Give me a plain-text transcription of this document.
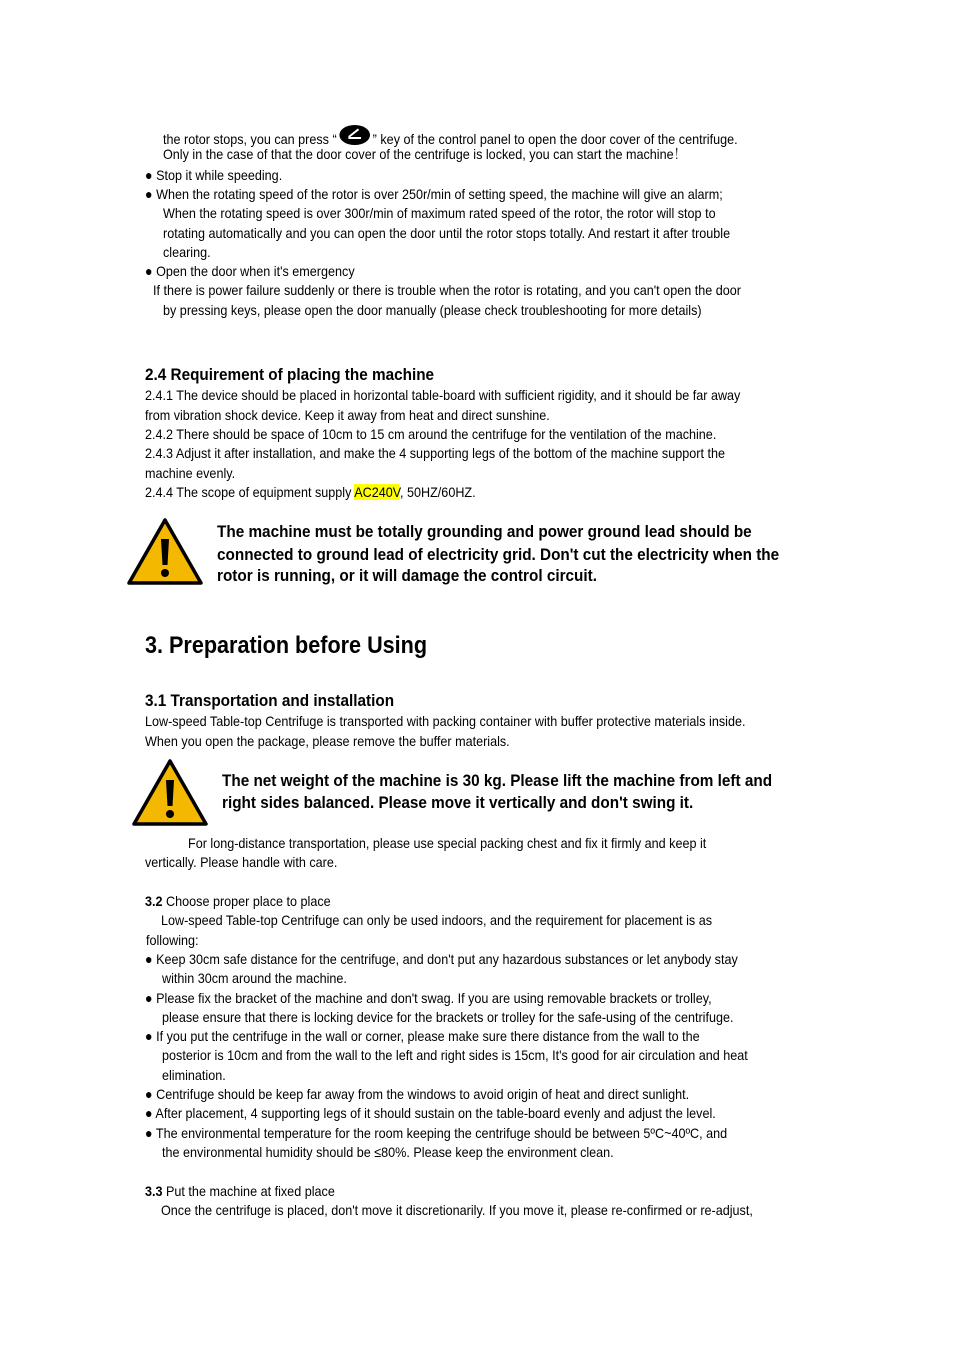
the rotor stops, you can press “	” key of the control panel to open the door cover of the centrifuge.
Only in the case of that the door cover of the centrifuge is locked, you can start the machine！
● Stop it while speeding.
● When the rotating speed of the rotor is over 250r/min of setting speed, the machine will give an alarm;
When the rotating speed is over 300r/min of maximum rated speed of the rotor, the rotor will stop to
rotating automatically and you can open the door until the rotor stops totally. And restart it after trouble
clearing.
● Open the door when it's emergency
If there is power failure suddenly or there is trouble when the rotor is rotating, and you can't open the door
by pressing keys, please open the door manually (please check troubleshooting for more details)
2.4 Requirement of placing the machine
2.4.1 The device should be placed in horizontal table-board with sufficient rigidity, and it should be far away
from vibration shock device. Keep it away from heat and direct sunshine.
2.4.2 There should be space of 10cm to 15 cm around the centrifuge for the ventilation of the machine.
2.4.3 Adjust it after installation, and make the 4 supporting legs of the bottom of the machine support the
machine evenly.
2.4.4 The scope of equipment supply AC240V, 50HZ/60HZ.
The machine must be totally grounding and power ground lead should be
connected to ground lead of electricity grid. Don't cut the electricity when the
rotor is running, or it will damage the control circuit.
3. Preparation before Using
3.1 Transportation and installation
Low-speed Table-top Centrifuge is transported with packing container with buffer protective materials inside.
When you open the package, please remove the buffer materials.
The net weight of the machine is 30 kg. Please lift the machine from left and
right sides balanced. Please move it vertically and don't swing it.
For long-distance transportation, please use special packing chest and fix it firmly and keep it
vertically. Please handle with care.
3.2 Choose proper place to place
Low-speed Table-top Centrifuge can only be used indoors, and the requirement for placement is as
following:
● Keep 30cm safe distance for the centrifuge, and don't put any hazardous substances or let anybody stay
within 30cm around the machine.
● Please fix the bracket of the machine and don't swag. If you are using removable brackets or trolley,
please ensure that there is locking device for the brackets or trolley for the safe-using of the centrifuge.
● If you put the centrifuge in the wall or corner, please make sure there distance from the wall to the
posterior is 10cm and from the wall to the left and right sides is 15cm, It's good for air circulation and heat
elimination.
● Centrifuge should be keep far away from the windows to avoid origin of heat and direct sunlight.
● After placement, 4 supporting legs of it should sustain on the table-board evenly and adjust the level.
● The environmental temperature for the room keeping the centrifuge should be between 5ºC~40ºC, and
the environmental humidity should be ≤80%. Please keep the environment clean.
3.3 Put the machine at fixed place
Once the centrifuge is placed, don't move it discretionarily. If you move it, please re-confirmed or re-adjust,
